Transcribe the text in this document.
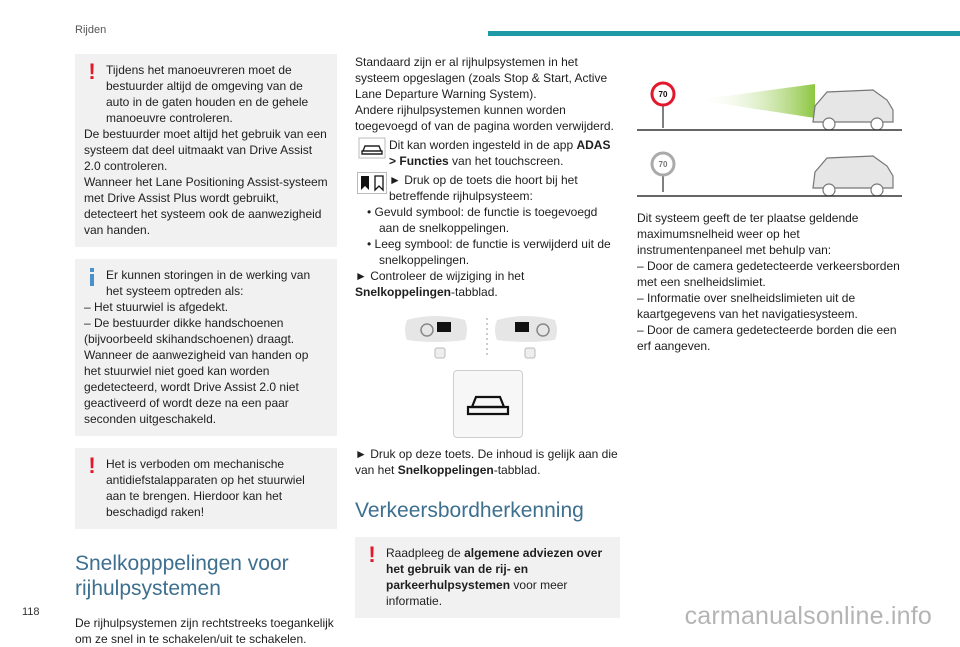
Rijden
! Tijdens het manoeuvreren moet de bestuurder altijd de omgeving van de auto in de gaten houden en de gehele manoeuvre controleren.

De bestuurder moet altijd het gebruik van een systeem dat deel uitmaakt van Drive Assist 2.0 controleren.

Wanneer het Lane Positioning Assist-systeem met Drive Assist Plus wordt gebruikt, detecteert het systeem ook de aanwezigheid van handen.

Er kunnen storingen in de werking van het systeem optreden als:

– Het stuurwiel is afgedekt.

– De bestuurder dikke handschoenen (bijvoorbeeld skihandschoenen) draagt.

Wanneer de aanwezigheid van handen op het stuurwiel niet goed kan worden gedetecteerd, wordt Drive Assist 2.0 niet geactiveerd of wordt deze na een paar seconden uitgeschakeld.

! Het is verboden om mechanische antidiefstalapparaten op het stuurwiel aan te brengen. Hierdoor kan het beschadigd raken!

Snelkopppelingen voor rijhulpsystemen

De rijhulpsystemen zijn rechtstreeks toegankelijk om ze snel in te schakelen/uit te schakelen.

Standaard zijn er al rijhulpsystemen in het systeem opgeslagen (zoals Stop & Start, Active Lane Departure Warning System).

Andere rijhulpsystemen kunnen worden toegevoegd of van de pagina worden verwijderd.

Dit kan worden ingesteld in de app ADAS > Functies van het touchscreen.
► Druk op de toets die hoort bij het betreffende rijhulpsysteem:

• Gevuld symbool: de functie is toegevoegd aan de snelkoppelingen.

• Leeg symbool: de functie is verwijderd uit de snelkoppelingen.

► Controleer de wijziging in het Snelkoppelingen-tabblad.

► Druk op deze toets. De inhoud is gelijk aan die van het Snelkoppelingen-tabblad.

Verkeersbordherkenning
! Raadpleeg de algemene adviezen over het gebruik van de rij- en parkeerhulpsystemen voor meer informatie.

70
70

Dit systeem geeft de ter plaatse geldende maximumsnelheid weer op het instrumentenpaneel met behulp van:

– Door de camera gedetecteerde verkeersborden met een snelheidslimiet.

– Informatie over snelheidslimieten uit de kaartgegevens van het navigatiesysteem.

– Door de camera gedetecteerde borden die een erf aangeven.

118	carmanualsonline.info
